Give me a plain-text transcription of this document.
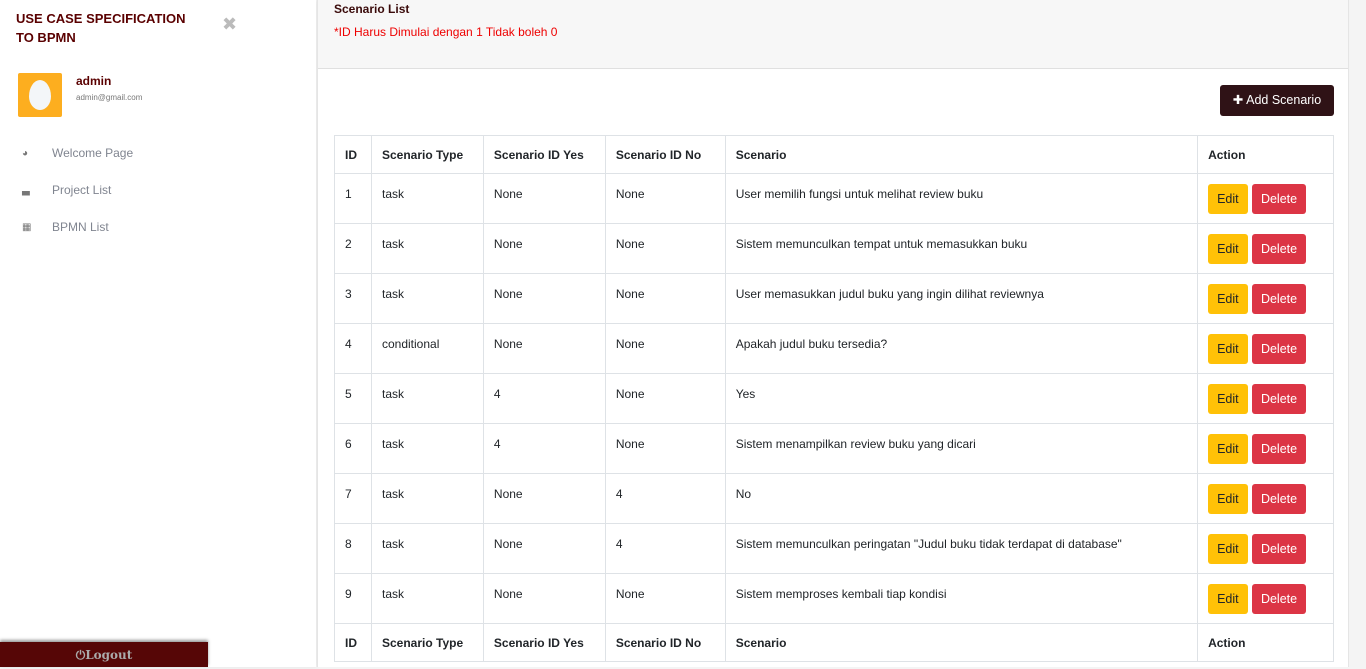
USE CASE SPECIFICATION
TO BPMN
✖
admin
admin@gmail.com
◕	Welcome Page
▃	Project List
▦	BPMN List
⏻Logout
Scenario List
*ID Harus Dimulai dengan 1 Tidak boleh 0
✚ Add Scenario
ID	Scenario Type	Scenario ID Yes	Scenario ID No	Scenario	Action
1	task	None	None	User memilih fungsi untuk melihat review buku	Edit Delete
2	task	None	None	Sistem memunculkan tempat untuk memasukkan buku	Edit Delete
3	task	None	None	User memasukkan judul buku yang ingin dilihat reviewnya	Edit Delete
4	conditional	None	None	Apakah judul buku tersedia?	Edit Delete
5	task	4	None	Yes	Edit Delete
6	task	4	None	Sistem menampilkan review buku yang dicari	Edit Delete
7	task	None	4	No	Edit Delete
8	task	None	4	Sistem memunculkan peringatan "Judul buku tidak terdapat di database"	Edit Delete
9	task	None	None	Sistem memproses kembali tiap kondisi	Edit Delete
ID	Scenario Type	Scenario ID Yes	Scenario ID No	Scenario	Action
